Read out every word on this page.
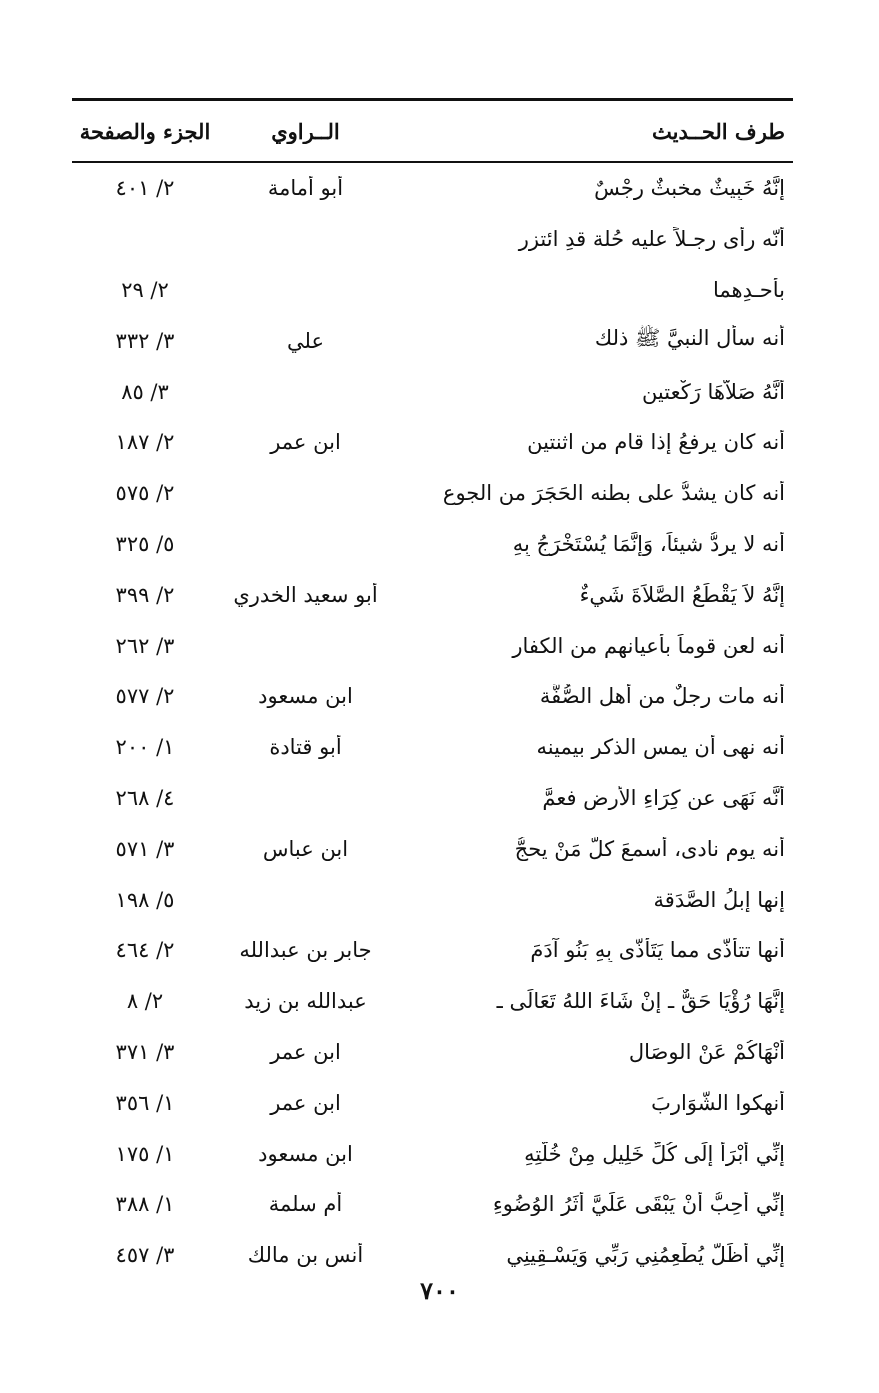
طرف الحــديث
الــراوي
الجزء والصفحة
إِنَّهُ خَبِيثٌ مخبثٌ رِجْسٌ
أبو أمامة
٢/ ٤٠١
أنّه رأى رجـلاً عليه حُلة قدِ ائتزر
بأحـدِهما
٢/ ٢٩
أنه سأل النبيَّ ﷺ ذلك
علي
٣/ ٣٣٢
أَنَّهُ صَلاَّهَا رَكْعتين
٣/ ٨٥
أنه كان يرفعُ إذا قام من اثنتين
ابن عمر
٢/ ١٨٧
أنه كان يشدُّ على بطنه الحَجَرَ من الجوع
٢/ ٥٧٥
أنه لا يردُّ شيئاً، وَإِنَّمَا يُسْتَخْرَجُ بِهِ
٥/ ٣٢٥
إِنَّهُ لاَ يَقْطَعُ الصَّلاَةَ شَيءٌ
أبو سعيد الخدري
٢/ ٣٩٩
أنه لعن قوماً بأعيانهم من الكفار
٣/ ٢٦٢
أنه مات رجلٌ من أهل الصُّفَّة
ابن مسعود
٢/ ٥٧٧
أنه نهى أن يمس الذكر بيمينه
أبو قتادة
١/ ٢٠٠
أَنَّه نَهَى عن كِرَاءِ الأرضِ فعمَّ
٤/ ٢٦٨
أنه يوم نادى، أسمعَ كلَّ مَنْ يحجُّ
ابن عباس
٣/ ٥٧١
إنها إبلُ الصَّدَقة
٥/ ١٩٨
أنها تتأذَّى مما يَتَأَذَّى بِهِ بَنُو آدَمَ
جابر بن عبدالله
٢/ ٤٦٤
إِنَّهَا رُؤْيَا حَقٌّ ـ إِنْ شَاءَ اللهُ تَعَالَى ـ
عبدالله بن زيد
٢/ ٨
أَنْهَاكُمْ عَنْ الوِصَالِ
ابن عمر
٣/ ٣٧١
أَنهكوا الشَّوَارِبَ
ابن عمر
١/ ٣٥٦
إِنِّي أَبْرَأُ إِلَى كُلِّ خَلِيلٍ مِنْ خُلَّتِهِ
ابن مسعود
١/ ١٧٥
إِنِّي أُحِبُّ أَنْ يَبْقَى عَلَيَّ أَثَرُ الوُضُوءِ
أم سلمة
١/ ٣٨٨
إِنِّي أَظَلُّ يُطْعِمُنِي رَبِّي وَيَسْـقِينِي
أنس بن مالك
٣/ ٤٥٧
٧٠٠
